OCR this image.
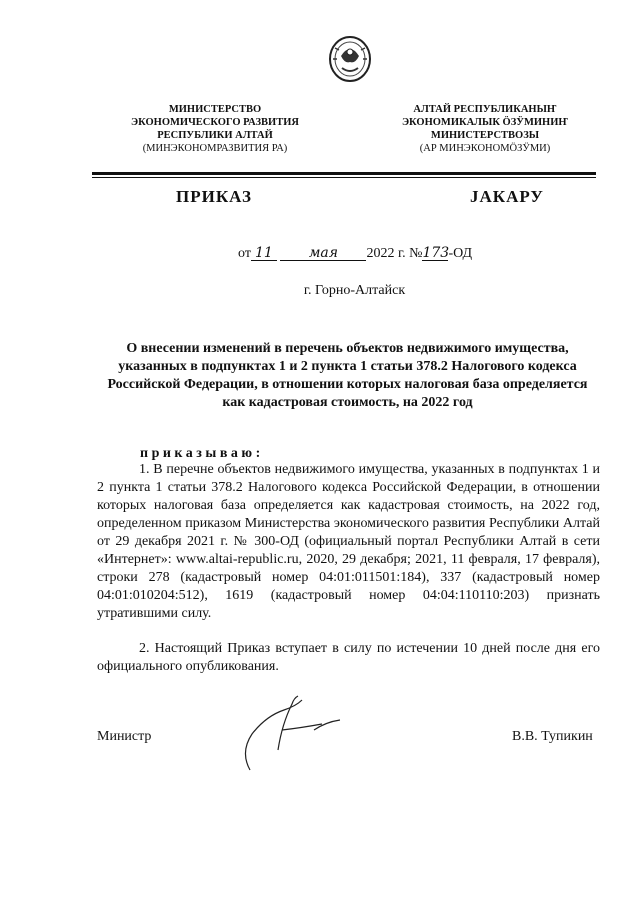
МИНИСТЕРСТВО
ЭКОНОМИЧЕСКОГО РАЗВИТИЯ
РЕСПУБЛИКИ АЛТАЙ
(МИНЭКОНОМРАЗВИТИЯ РА)
АЛТАЙ РЕСПУБЛИКАНЫҤ
ЭКОНОМИКАЛЫК ӦЗӰМИНИҤ
МИНИСТЕРСТВОЗЫ
(АР МИНЭКОНОМӦЗӰМИ)
ПРИКАЗ	JАКАРУ
от 11	мая 2022 г. №173-ОД
г. Горно-Алтайск
О внесении изменений в перечень объектов недвижимого имущества, указанных в подпунктах 1 и 2 пункта 1 статьи 378.2 Налогового кодекса Российской Федерации, в отношении которых налоговая база определяется как кадастровая стоимость, на 2022 год
приказываю:
1. В перечне объектов недвижимого имущества, указанных в подпунктах 1 и 2 пункта 1 статьи 378.2 Налогового кодекса Российской Федерации, в отношении которых налоговая база определяется как кадастровая стоимость, на 2022 год, определенном приказом Министерства экономического развития Республики Алтай от 29 декабря 2021 г. № 300-ОД (официальный портал Республики Алтай в сети «Интернет»: www.altai-republic.ru, 2020, 29 декабря; 2021, 11 февраля, 17 февраля), строки 278 (кадастровый номер 04:01:011501:184), 337 (кадастровый номер 04:01:010204:512), 1619 (кадастровый номер 04:04:110110:203) признать утратившими силу.
2. Настоящий Приказ вступает в силу по истечении 10 дней после дня его официального опубликования.
Министр	В.В. Тупикин
